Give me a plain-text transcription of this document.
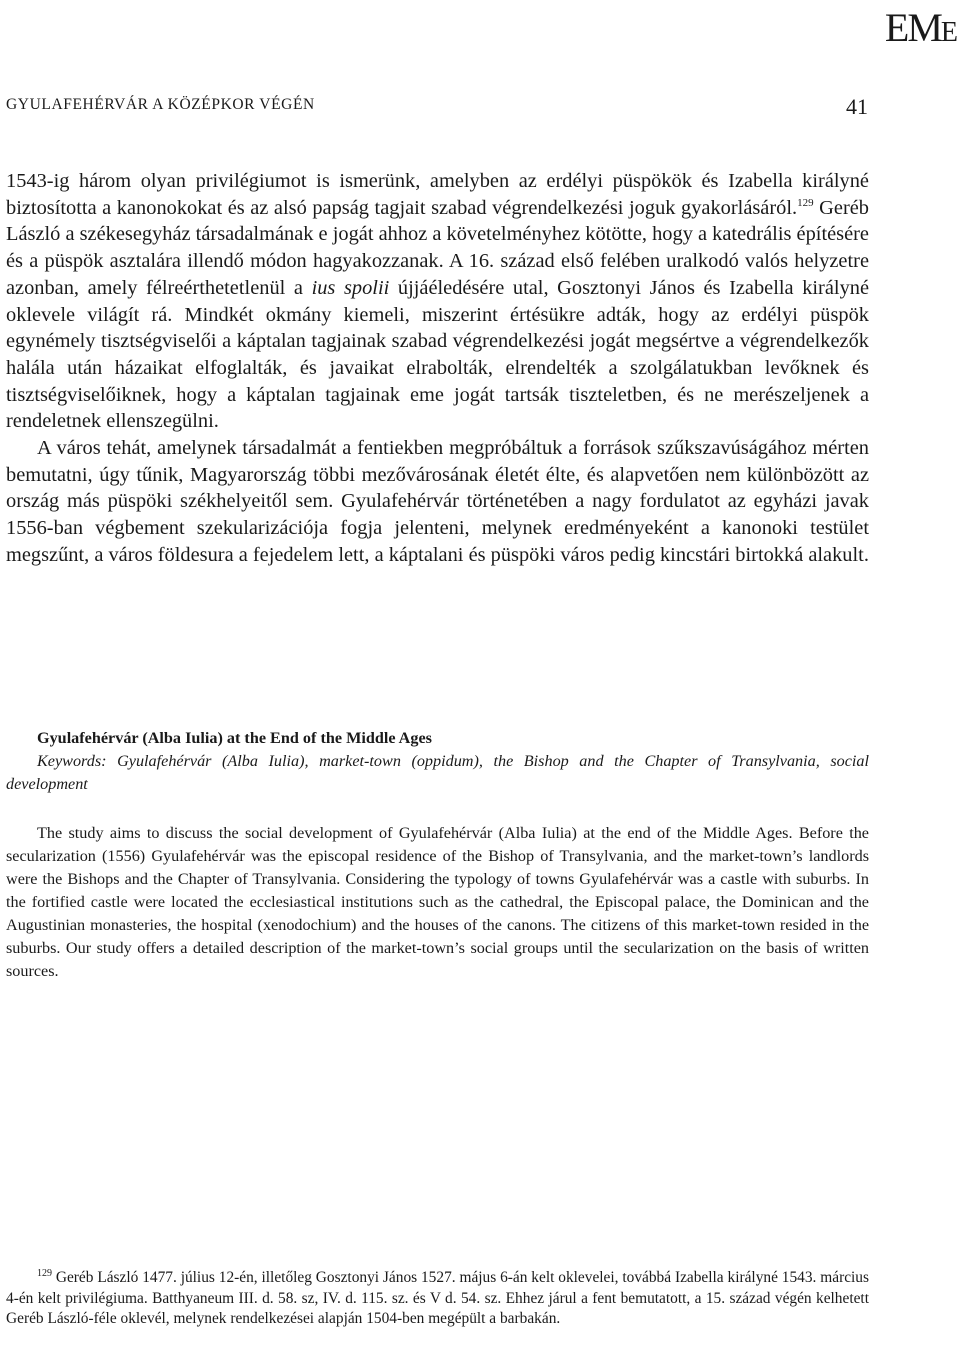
EME
GYULAFEHÉRVÁR A KÖZÉPKOR VÉGÉN	41

1543-ig három olyan privilégiumot is ismerünk, amelyben az erdélyi püspökök és Izabella királyné biztosította a kanonokokat és az alsó papság tagjait szabad végrendelkezési joguk gyakorlásáról.$^{129}$ Geréb László a székesegyház társadalmának e jogát ahhoz a követelményhez kötötte, hogy a katedrális építésére és a püspök asztalára illendő módon hagyakozzanak. A 16. század első felében uralkodó valós helyzetre azonban, amely félreérthetetlenül a ius spolii újjáéledésére utal, Gosztonyi János és Izabella királyné oklevele világít rá. Mindkét okmány kiemeli, miszerint értésükre adták, hogy az erdélyi püspök egynémely tisztségviselői a káptalan tagjainak szabad végrendelkezési jogát megsértve a végrendelkezők halála után házaikat elfoglalták, és javaikat elrabolták, elrendelték a szolgálatukban levőknek és tisztségviselőiknek, hogy a káptalan tagjainak eme jogát tartsák tiszteletben, és ne merészeljenek a rendeletnek ellenszegülni.

A város tehát, amelynek társadalmát a fentiekben megpróbáltuk a források szűkszavúságához mérten bemutatni, úgy tűnik, Magyarország többi mezővárosának életét élte, és alapvetően nem különbözött az ország más püspöki székhelyeitől sem. Gyulafehérvár történetében a nagy fordulatot az egyházi javak 1556-ban végbement szekularizációja fogja jelenteni, melynek eredményeként a kanonoki testület megszűnt, a város földesura a fejedelem lett, a káptalani és püspöki város pedig kincstári birtokká alakult.

Gyulafehérvár (Alba Iulia) at the End of the Middle Ages

Keywords: Gyulafehérvár (Alba Iulia), market-town (oppidum), the Bishop and the Chapter of Transylvania, social development

The study aims to discuss the social development of Gyulafehérvár (Alba Iulia) at the end of the Middle Ages. Before the secularization (1556) Gyulafehérvár was the episcopal residence of the Bishop of Transylvania, and the market-town’s landlords were the Bishops and the Chapter of Transylvania. Considering the typology of towns Gyulafehérvár was a castle with suburbs. In the fortified castle were located the ecclesiastical institutions such as the cathedral, the Episcopal palace, the Dominican and the Augustinian monasteries, the hospital (xenodochium) and the houses of the canons. The citizens of this market-town resided in the suburbs. Our study offers a detailed description of the market-town’s social groups until the secularization on the basis of written sources.

$^{129}$ Geréb László 1477. július 12-én, illetőleg Gosztonyi János 1527. május 6-án kelt oklevelei, továbbá Izabella királyné 1543. március 4-én kelt privilégiuma. Batthyaneum III. d. 58. sz, IV. d. 115. sz. és V d. 54. sz. Ehhez járul a fent bemutatott, a 15. század végén kelhetett Geréb László-féle oklevél, melynek rendelkezései alapján 1504-ben megépült a barbakán.
